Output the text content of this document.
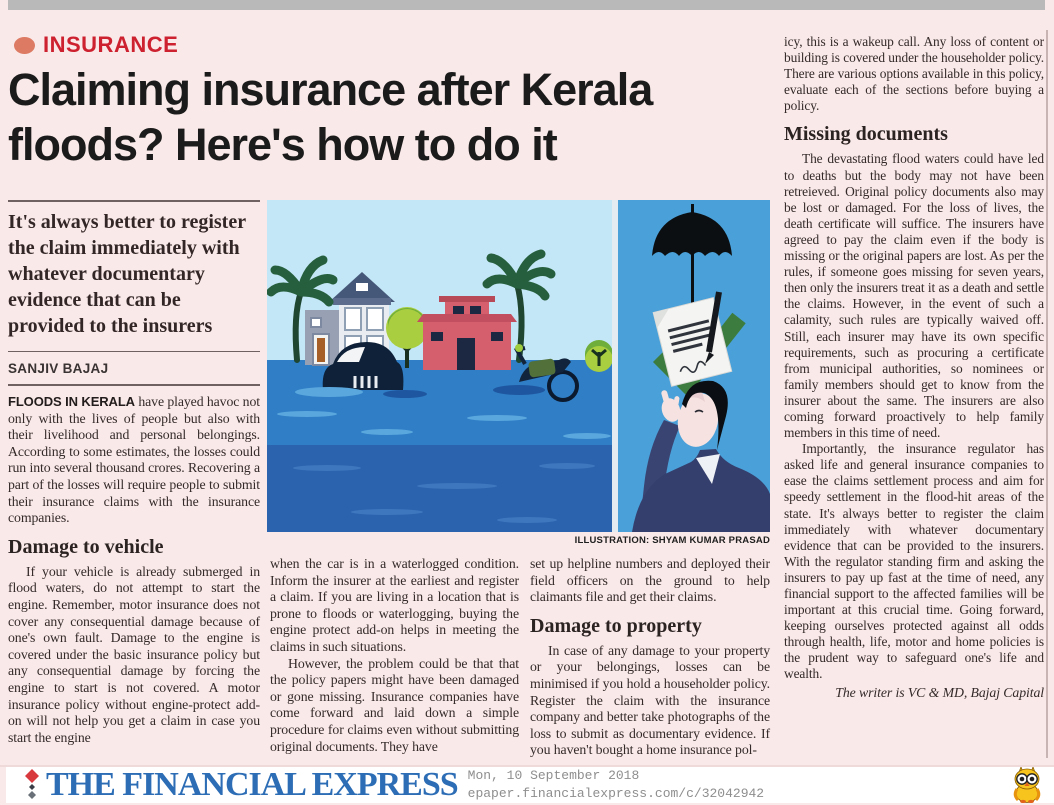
INSURANCE
Claiming insurance after Kerala floods? Here's how to do it
It's always better to register the claim immediately with whatever documentary evidence that can be provided to the insurers
SANJIV BAJAJ

FLOODS IN KERALA have played havoc not only with the lives of people but also with their livelihood and personal belongings. According to some estimates, the losses could run into several thousand crores. Recovering a part of the losses will require people to submit their insurance claims with the insurance companies.

Damage to vehicle

If your vehicle is already submerged in flood waters, do not attempt to start the engine. Remember, motor insurance does not cover any consequential damage because of one's own fault. Damage to the engine is covered under the basic insurance policy but any consequential damage by forcing the engine to start is not covered. A motor insurance policy without engine-protect add-on will not help you get a claim in case you start the engine

ILLUSTRATION: SHYAM KUMAR PRASAD

when the car is in a waterlogged condition. Inform the insurer at the earliest and register a claim. If you are living in a location that is prone to floods or waterlogging, buying the engine protect add-on helps in meeting the claims in such situations.

However, the problem could be that that the policy papers might have been damaged or gone missing. Insurance companies have come forward and laid down a simple procedure for claims even without submitting original documents. They have

set up helpline numbers and deployed their field officers on the ground to help claimants file and get their claims.

Damage to property

In case of any damage to your property or your belongings, losses can be minimised if you hold a householder policy. Register the claim with the insurance company and better take photographs of the loss to submit as documentary evidence. If you haven't bought a home insurance pol-

icy, this is a wakeup call. Any loss of content or building is covered under the householder policy. There are various options available in this policy, evaluate each of the sections before buying a policy.

Missing documents

The devastating flood waters could have led to deaths but the body may not have been retreieved. Original policy documents also may be lost or damaged. For the loss of lives, the death certificate will suffice. The insurers have agreed to pay the claim even if the body is missing or the original papers are lost. As per the rules, if someone goes missing for seven years, then only the insurers treat it as a death and settle the claims. However, in the event of such a calamity, such rules are typically waived off. Still, each insurer may have its own specific requirements, such as procuring a certificate from municipal authorities, so nominees or family members should get to know from the insurer about the same. The insurers are also coming forward proactively to help family members in this time of need.

Importantly, the insurance regulator has asked life and general insurance companies to ease the claims settlement process and aim for speedy settlement in the flood-hit areas of the state. It's always better to register the claim immediately with whatever documentary evidence that can be provided to the insurers. With the regulator standing firm and asking the insurers to pay up fast at the time of need, any financial support to the affected families will be important at this crucial time. Going forward, keeping ourselves protected against all odds through health, life, motor and home policies is the prudent way to safeguard one's life and wealth.

The writer is VC & MD, Bajaj Capital

THE FINANCIAL EXPRESS Mon, 10 September 2018
epaper.financialexpress.com/c/32042942
